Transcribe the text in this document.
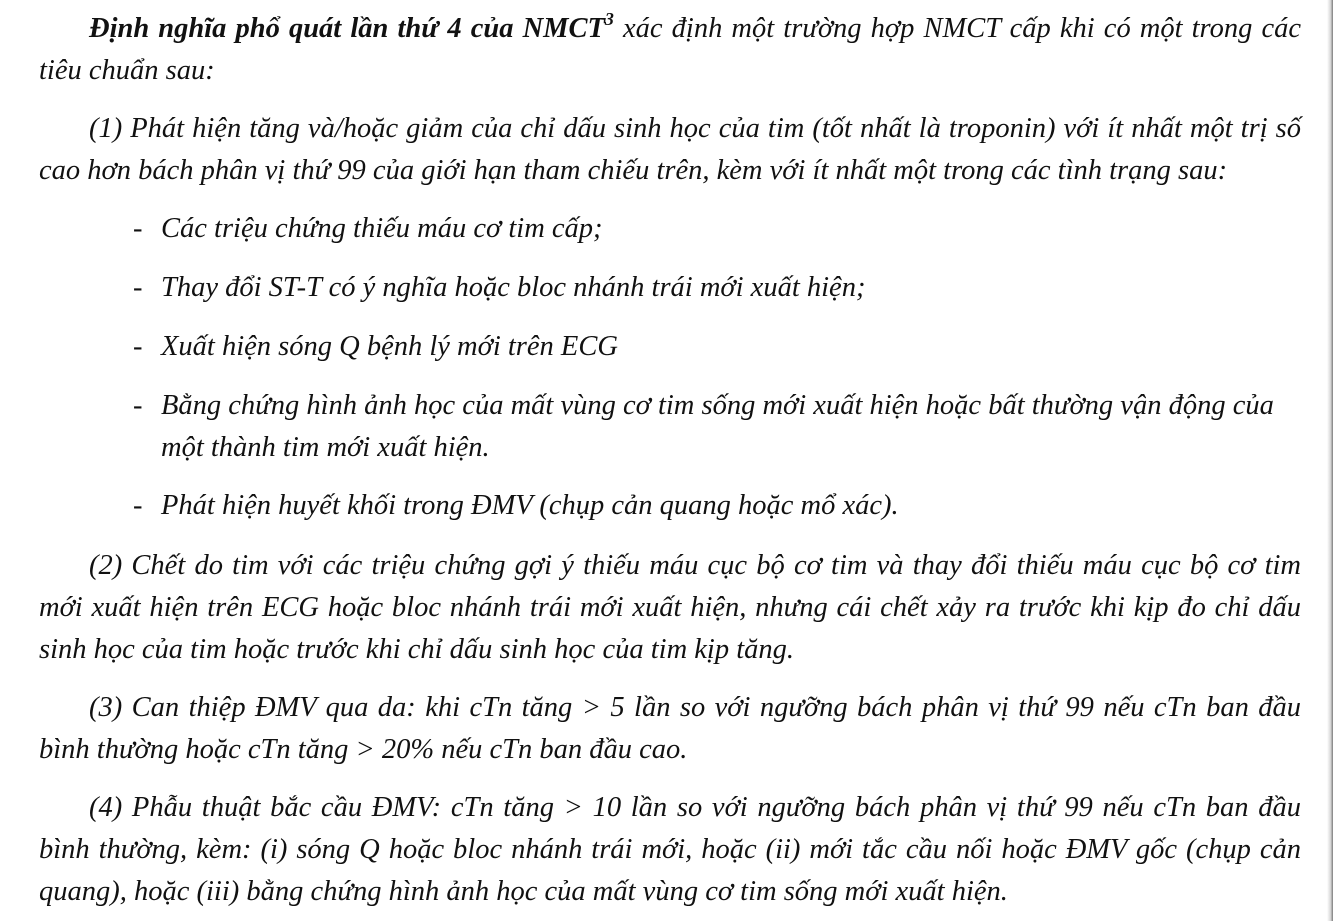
Định nghĩa phổ quát lần thứ 4 của NMCT$^3$ xác định một trường hợp NMCT cấp khi có một trong các tiêu chuẩn sau:

(1) Phát hiện tăng và/hoặc giảm của chỉ dấu sinh học của tim (tốt nhất là troponin) với ít nhất một trị số cao hơn bách phân vị thứ 99 của giới hạn tham chiếu trên, kèm với ít nhất một trong các tình trạng sau:

- Các triệu chứng thiếu máu cơ tim cấp;
- Thay đổi ST-T có ý nghĩa hoặc bloc nhánh trái mới xuất hiện;
- Xuất hiện sóng Q bệnh lý mới trên ECG
- Bằng chứng hình ảnh học của mất vùng cơ tim sống mới xuất hiện hoặc bất thường vận động của một thành tim mới xuất hiện.
- Phát hiện huyết khối trong ĐMV (chụp cản quang hoặc mổ xác).

(2) Chết do tim với các triệu chứng gợi ý thiếu máu cục bộ cơ tim và thay đổi thiếu máu cục bộ cơ tim mới xuất hiện trên ECG hoặc bloc nhánh trái mới xuất hiện, nhưng cái chết xảy ra trước khi kịp đo chỉ dấu sinh học của tim hoặc trước khi chỉ dấu sinh học của tim kịp tăng.

(3) Can thiệp ĐMV qua da: khi cTn tăng > 5 lần so với ngưỡng bách phân vị thứ 99 nếu cTn ban đầu bình thường hoặc cTn tăng > 20% nếu cTn ban đầu cao.

(4) Phẫu thuật bắc cầu ĐMV: cTn tăng > 10 lần so với ngưỡng bách phân vị thứ 99 nếu cTn ban đầu bình thường, kèm: (i) sóng Q hoặc bloc nhánh trái mới, hoặc (ii) mới tắc cầu nối hoặc ĐMV gốc (chụp cản quang), hoặc (iii) bằng chứng hình ảnh học của mất vùng cơ tim sống mới xuất hiện.
